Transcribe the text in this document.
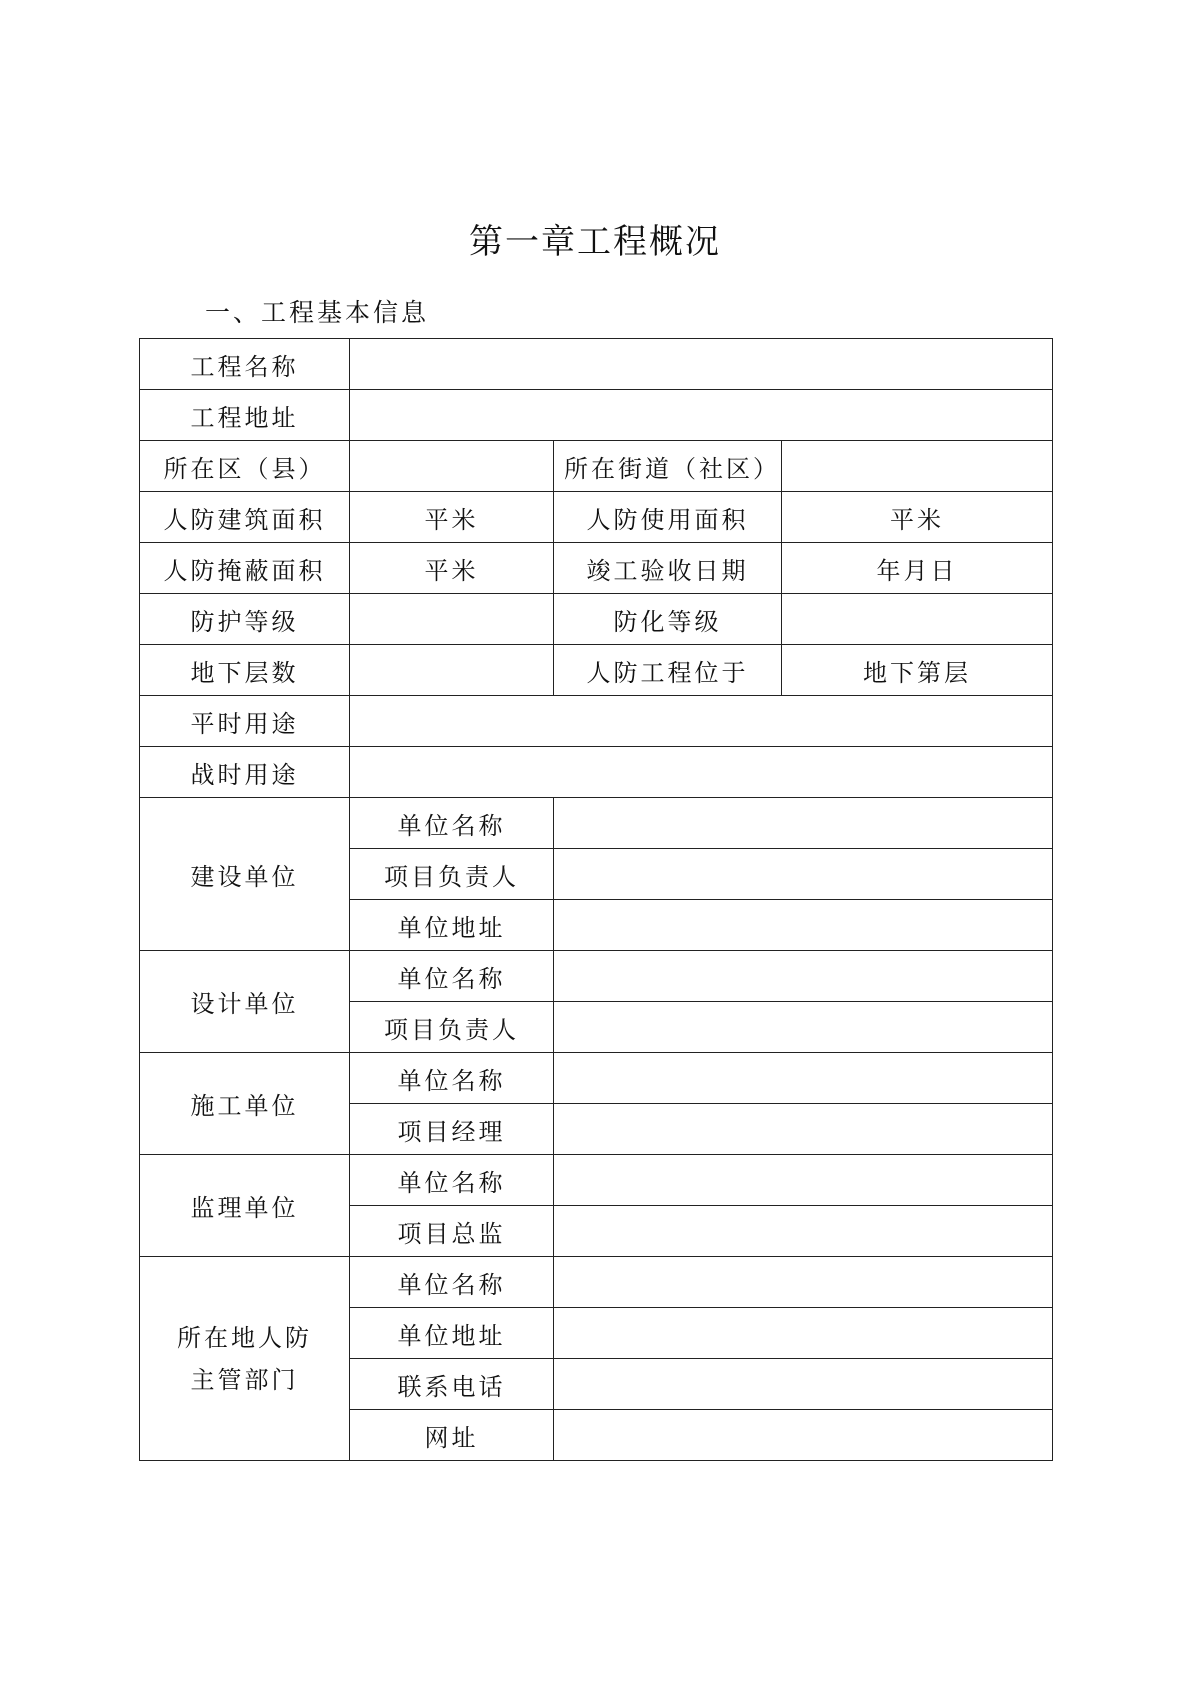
第一章工程概况
一、工程基本信息
工程名称			
工程地址			
所在区（县）		所在街道（社区）	
人防建筑面积	平米	人防使用面积	平米
人防掩蔽面积	平米	竣工验收日期	年月日
防护等级		防化等级	
地下层数		人防工程位于	地下第层
平时用途			
战时用途			
建设单位	单位名称		
	项目负责人		
	单位地址		
设计单位	单位名称		
	项目负责人		
施工单位	单位名称		
	项目经理		
监理单位	单位名称		
	项目总监		

所在地人防
主管部门	单位名称		
	单位地址		
	联系电话		
	网址		
